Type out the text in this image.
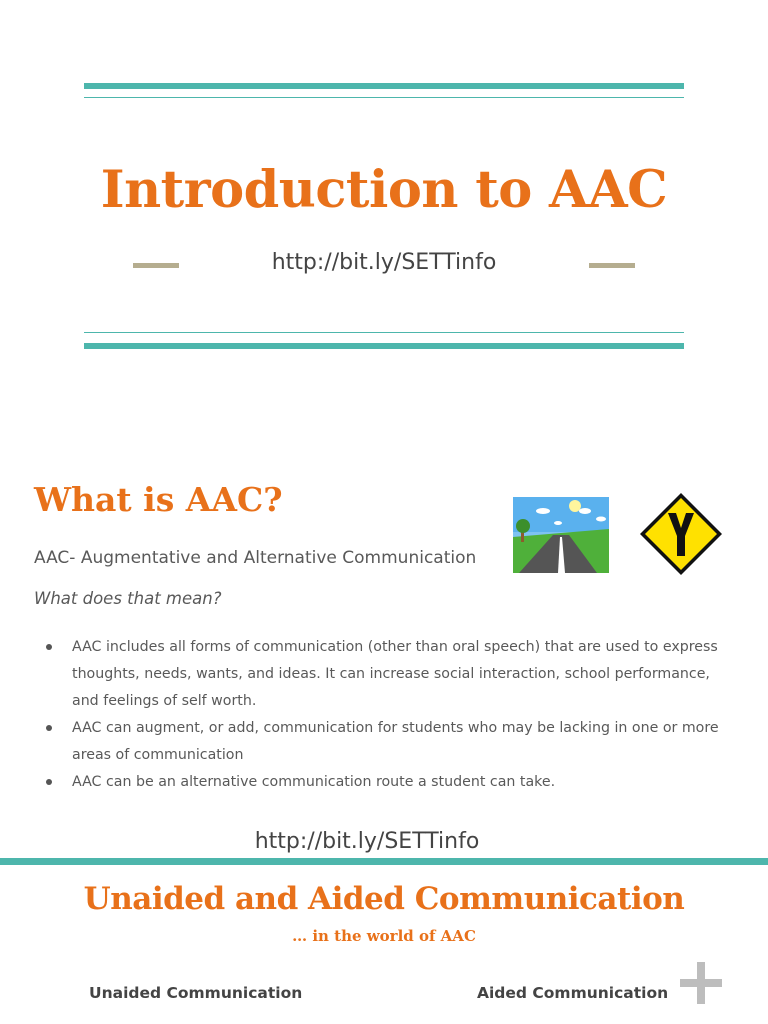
Introduction to AAC
http://bit.ly/SETTinfo
What is AAC?
AAC- Augmentative and Alternative Communication
What does that mean?
AAC includes all forms of communication (other than oral speech) that are used to express thoughts, needs, wants, and ideas. It can increase social interaction, school performance, and feelings of self worth.
AAC can augment, or add, communication for students who may be lacking in one or more areas of communication
AAC can be an alternative communication route a student can take.
http://bit.ly/SETTinfo
Unaided and Aided Communication
… in the world of AAC
Unaided Communication	Aided Communication
